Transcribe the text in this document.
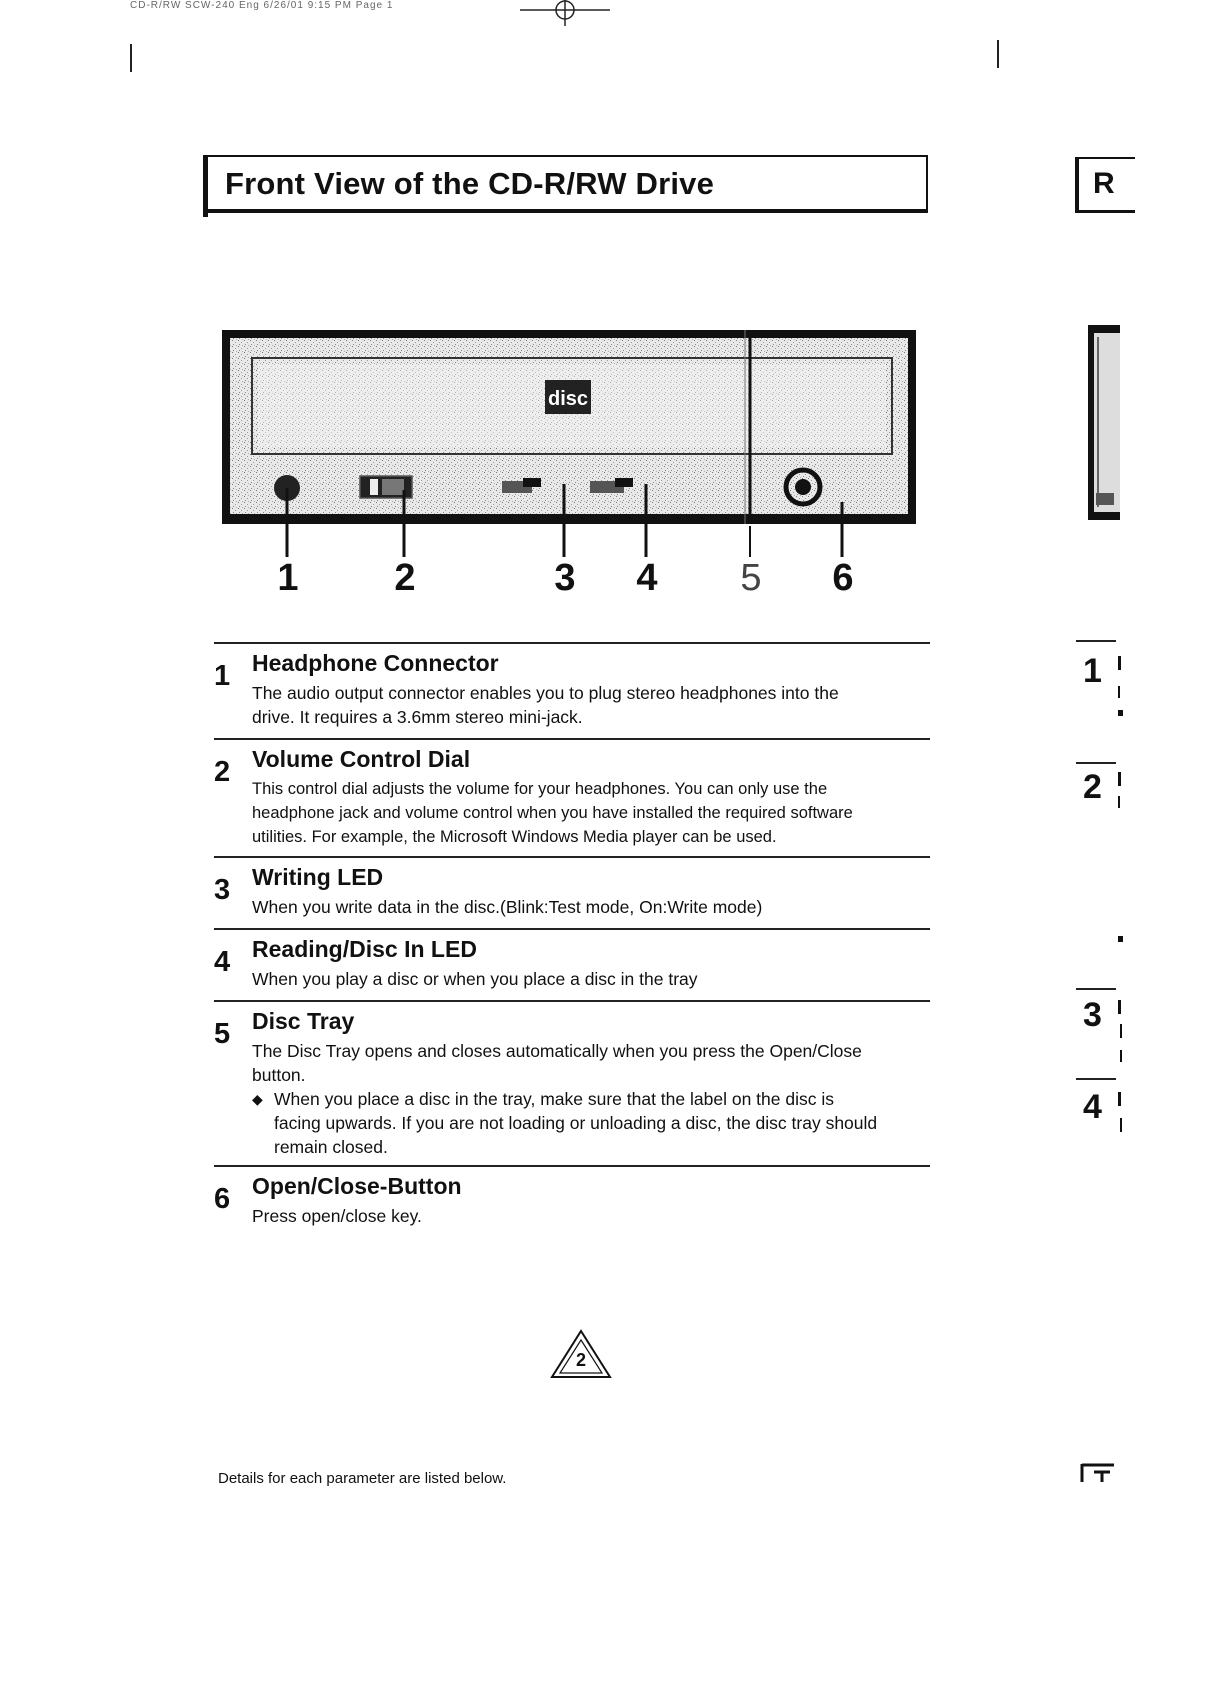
CD-R/RW SCW-240 Eng 6/26/01 9:15 PM Page 1
Front View of the CD-R/RW Drive	R
disc
1	2	3 4 5 6
1 Headphone Connector

The audio output connector enables you to plug stereo headphones into the

drive. It requires a 3.6mm stereo mini-jack.

2 Volume Control Dial

This control dial adjusts the volume for your headphones. You can only use the

headphone jack and volume control when you have installed the required software

utilities. For example, the Microsoft Windows Media player can be used.

3 Writing LED

When you write data in the disc.(Blink:Test mode, On:Write mode)

4 Reading/Disc In LED

When you play a disc or when you place a disc in the tray

5 Disc Tray

The Disc Tray opens and closes automatically when you press the Open/Close

button.

◆ When you place a disc in the tray, make sure that the label on the disc is

facing upwards. If you are not loading or unloading a disc, the disc tray should

remain closed.

6 Open/Close-Button

Press open/close key.

2
Details for each parameter are listed below.
1
2
3
4
